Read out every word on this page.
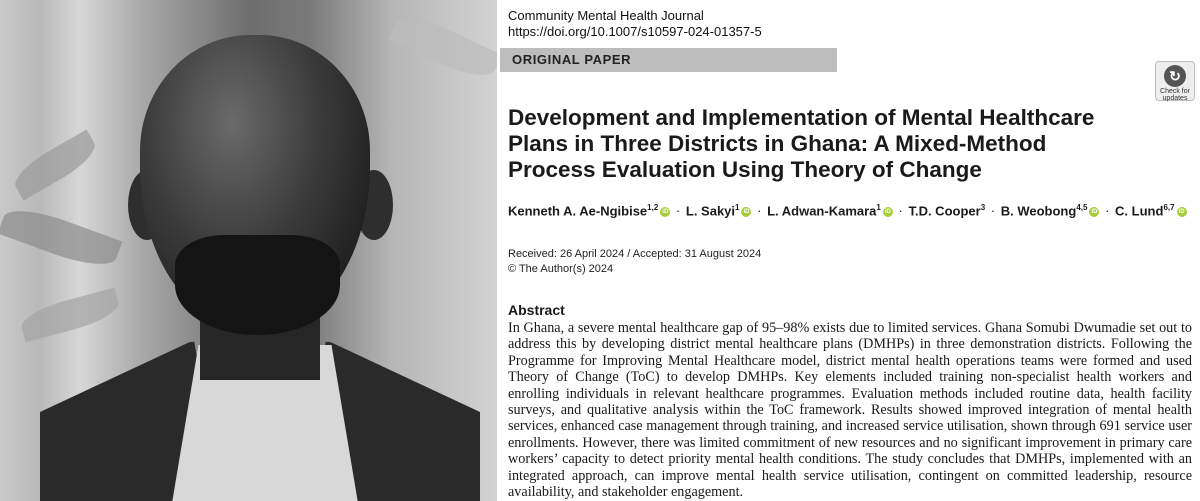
Community Mental Health Journal
https://doi.org/10.1007/s10597-024-01357-5
ORIGINAL PAPER
↻
Check for updates
Development and Implementation of Mental Healthcare Plans in Three Districts in Ghana: A Mixed-Method Process Evaluation Using Theory of Change
Kenneth A. Ae-Ngibise$^{1,2}$ iD · L. Sakyi$^1$ iD · L. Adwan-Kamara$^1$ iD · T.D. Cooper$^3$ · B. Weobong$^{4,5}$ iD · C. Lund$^{6,7}$ iD
Received: 26 April 2024 / Accepted: 31 August 2024
© The Author(s) 2024
Abstract

In Ghana, a severe mental healthcare gap of 95–98% exists due to limited services. Ghana Somubi Dwumadie set out to address this by developing district mental healthcare plans (DMHPs) in three demonstration districts. Following the Programme for Improving Mental Healthcare model, district mental health operations teams were formed and used Theory of Change (ToC) to develop DMHPs. Key elements included training non-specialist health workers and enrolling individuals in relevant healthcare programmes. Evaluation methods included routine data, health facility surveys, and qualitative analysis within the ToC framework. Results showed improved integration of mental health services, enhanced case management through training, and increased service utilisation, shown through 691 service user enrollments. However, there was limited commitment of new resources and no significant improvement in primary care workers’ capacity to detect priority mental health conditions. The study concludes that DMHPs, implemented with an integrated approach, can improve mental health service utilisation, contingent on committed leadership, resource availability, and stakeholder engagement.
